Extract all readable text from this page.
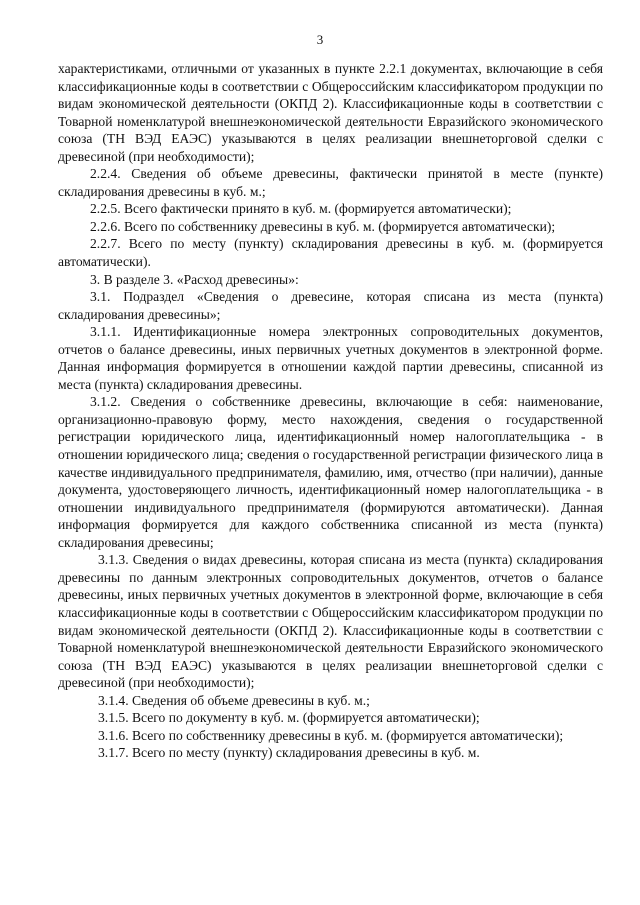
3

характеристиками, отличными от указанных в пункте 2.2.1 документах, включающие в себя классификационные коды в соответствии с Общероссийским классификатором продукции по видам экономической деятельности (ОКПД 2). Классификационные коды в соответствии с Товарной номенклатурой внешнеэкономической деятельности Евразийского экономического союза (ТН ВЭД ЕАЭС) указываются в целях реализации внешнеторговой сделки с древесиной (при необходимости);

2.2.4. Сведения об объеме древесины, фактически принятой в месте (пункте) складирования древесины в куб. м.;

2.2.5. Всего фактически принято в куб. м. (формируется автоматически);

2.2.6. Всего по собственнику древесины в куб. м. (формируется автоматически);

2.2.7. Всего по месту (пункту) складирования древесины в куб. м. (формируется автоматически).

3. В разделе 3. «Расход древесины»:

3.1. Подраздел «Сведения о древесине, которая списана из места (пункта) складирования древесины»;

3.1.1. Идентификационные номера электронных сопроводительных документов, отчетов о балансе древесины, иных первичных учетных документов в электронной форме. Данная информация формируется в отношении каждой партии древесины, списанной из места (пункта) складирования древесины.

3.1.2. Сведения о собственнике древесины, включающие в себя: наименование, организационно-правовую форму, место нахождения, сведения о государственной регистрации юридического лица, идентификационный номер налогоплательщика - в отношении юридического лица; сведения о государственной регистрации физического лица в качестве индивидуального предпринимателя, фамилию, имя, отчество (при наличии), данные документа, удостоверяющего личность, идентификационный номер налогоплательщика - в отношении индивидуального предпринимателя (формируются автоматически). Данная информация формируется для каждого собственника списанной из места (пункта) складирования древесины;

3.1.3. Сведения о видах древесины, которая списана из места (пункта) складирования древесины по данным электронных сопроводительных документов, отчетов о балансе древесины, иных первичных учетных документов в электронной форме, включающие в себя классификационные коды в соответствии с Общероссийским классификатором продукции по видам экономической деятельности (ОКПД 2). Классификационные коды в соответствии с Товарной номенклатурой внешнеэкономической деятельности Евразийского экономического союза (ТН ВЭД ЕАЭС) указываются в целях реализации внешнеторговой сделки с древесиной (при необходимости);

3.1.4. Сведения об объеме древесины в куб. м.;

3.1.5. Всего по документу в куб. м. (формируется автоматически);

3.1.6. Всего по собственнику древесины в куб. м. (формируется автоматически);

3.1.7. Всего по месту (пункту) складирования древесины в куб. м.
